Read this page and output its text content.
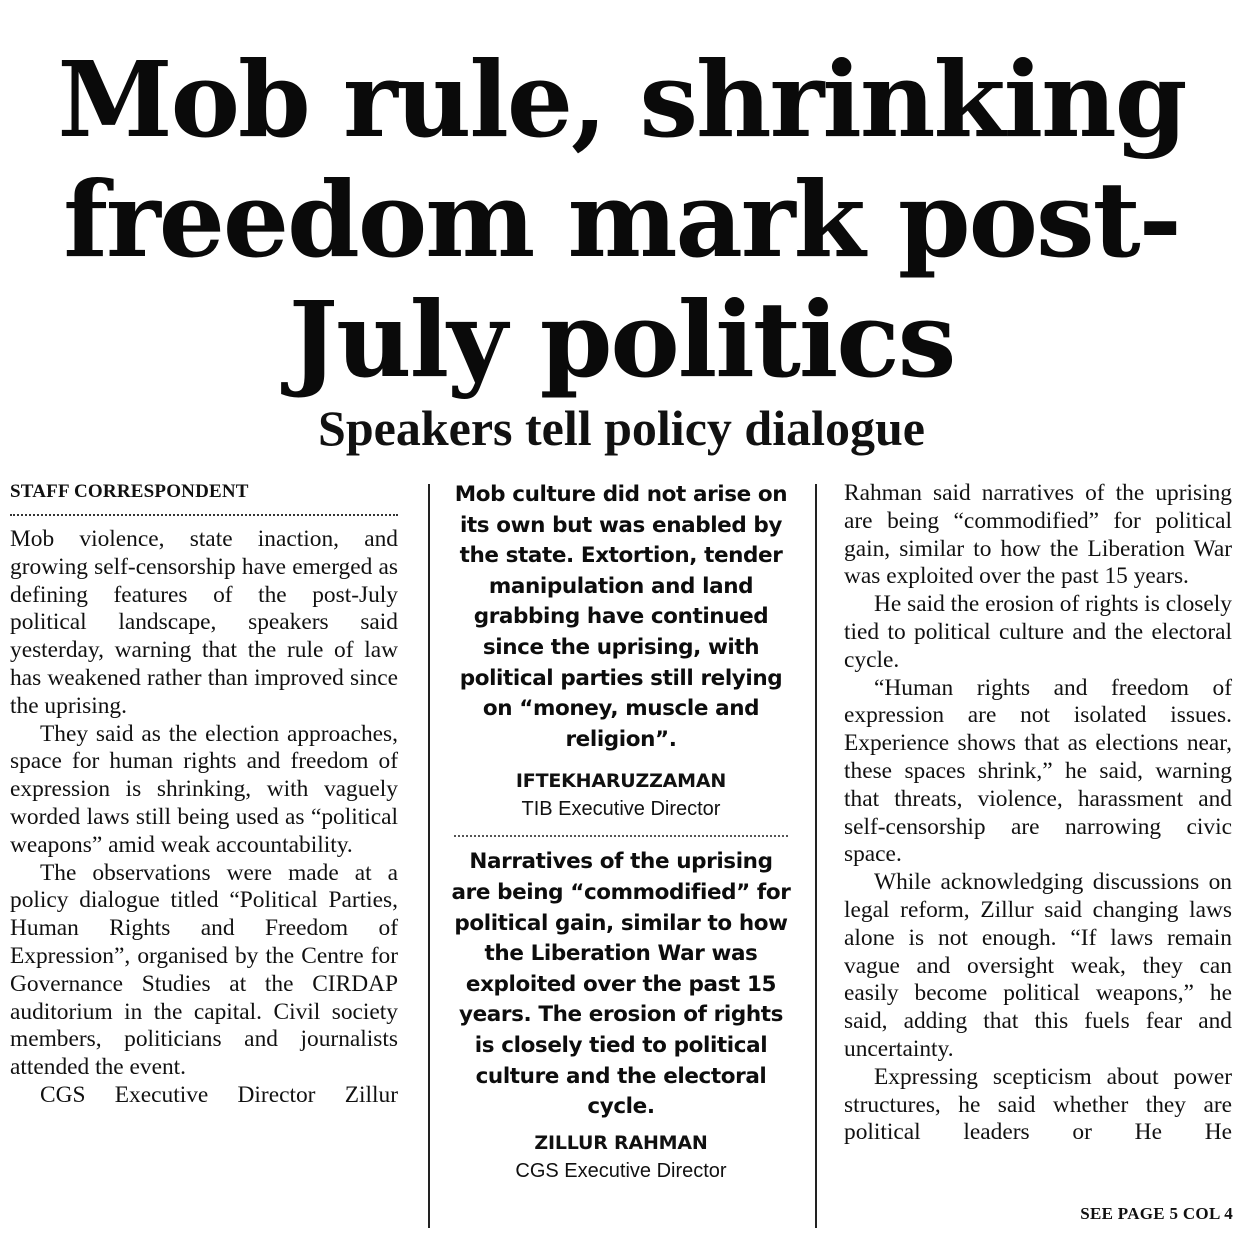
Mob rule, shrinking
freedom mark post-
July politics
Speakers tell policy dialogue
STAFF CORRESPONDENT

Mob violence, state inaction, and growing self-censorship have emerged as defining features of the post-July political landscape, speakers said yesterday, warning that the rule of law has weakened rather than improved since the uprising.

They said as the election approaches, space for human rights and freedom of expression is shrinking, with vaguely worded laws still being used as “political weapons” amid weak accountability.

The observations were made at a policy dialogue titled “Political Parties, Human Rights and Freedom of Expression”, organised by the Centre for Governance Studies at the CIRDAP auditorium in the capital. Civil society members, politicians and journalists attended the event.

CGS Executive Director Zillur

Mob culture did not arise on its own but was enabled by the state. Extortion, tender manipulation and land grabbing have continued since the uprising, with political parties still relying on “money, muscle and religion”.
IFTEKHARUZZAMAN
TIB Executive Director
Narratives of the uprising are being “commodified” for political gain, similar to how the Liberation War was exploited over the past 15 years. The erosion of rights is closely tied to political culture and the electoral cycle.
ZILLUR RAHMAN
CGS Executive Director

Rahman said narratives of the uprising are being “commodified” for political gain, similar to how the Liberation War was exploited over the past 15 years.

He said the erosion of rights is closely tied to political culture and the electoral cycle.

“Human rights and freedom of expression are not isolated issues. Experience shows that as elections near, these spaces shrink,” he said, warning that threats, violence, harassment and self-censorship are narrowing civic space.

While acknowledging discussions on legal reform, Zillur said changing laws alone is not enough. “If laws remain vague and oversight weak, they can easily become political weapons,” he said, adding that this fuels fear and uncertainty.

Expressing scepticism about power structures, he said whether they are political leaders or He He

SEE PAGE 5 COL 4
